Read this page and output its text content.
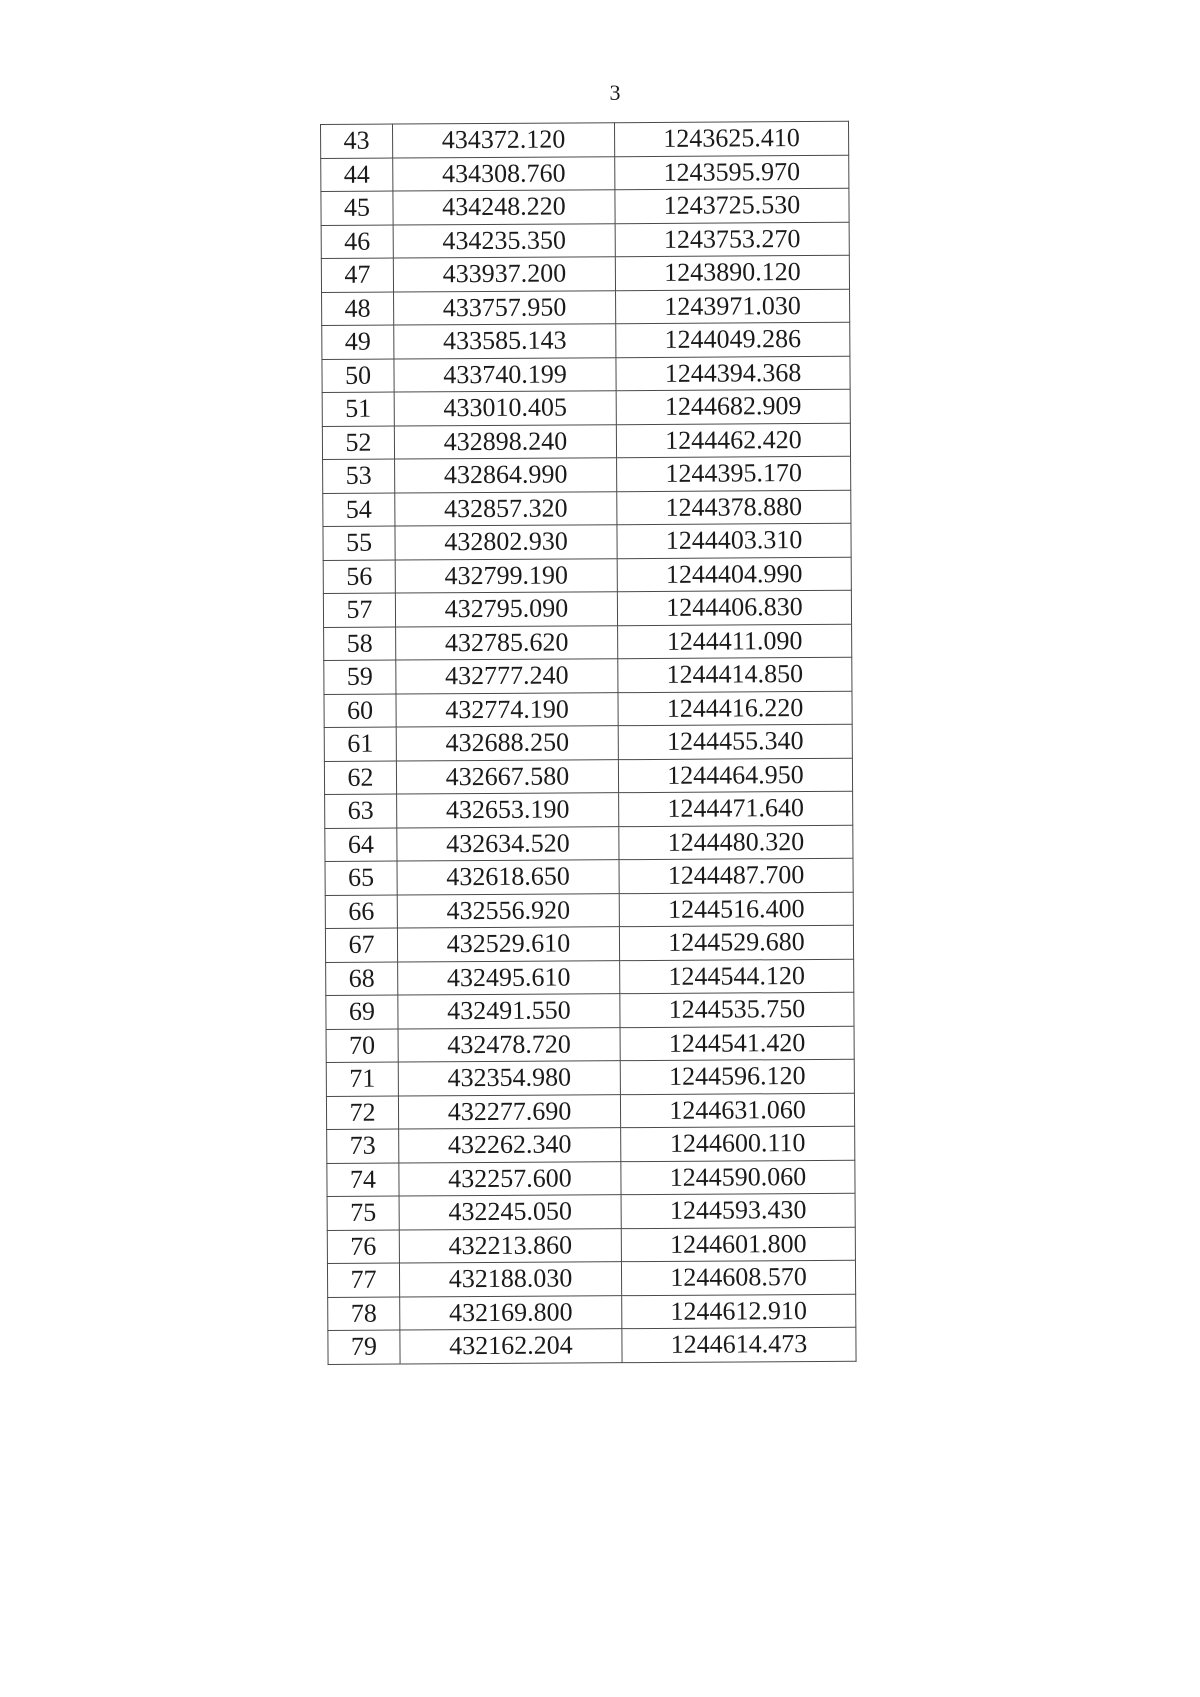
3
43	434372.120	1243625.410
44	434308.760	1243595.970
45	434248.220	1243725.530
46	434235.350	1243753.270
47	433937.200	1243890.120
48	433757.950	1243971.030
49	433585.143	1244049.286
50	433740.199	1244394.368
51	433010.405	1244682.909
52	432898.240	1244462.420
53	432864.990	1244395.170
54	432857.320	1244378.880
55	432802.930	1244403.310
56	432799.190	1244404.990
57	432795.090	1244406.830
58	432785.620	1244411.090
59	432777.240	1244414.850
60	432774.190	1244416.220
61	432688.250	1244455.340
62	432667.580	1244464.950
63	432653.190	1244471.640
64	432634.520	1244480.320
65	432618.650	1244487.700
66	432556.920	1244516.400
67	432529.610	1244529.680
68	432495.610	1244544.120
69	432491.550	1244535.750
70	432478.720	1244541.420
71	432354.980	1244596.120
72	432277.690	1244631.060
73	432262.340	1244600.110
74	432257.600	1244590.060
75	432245.050	1244593.430
76	432213.860	1244601.800
77	432188.030	1244608.570
78	432169.800	1244612.910
79	432162.204	1244614.473
